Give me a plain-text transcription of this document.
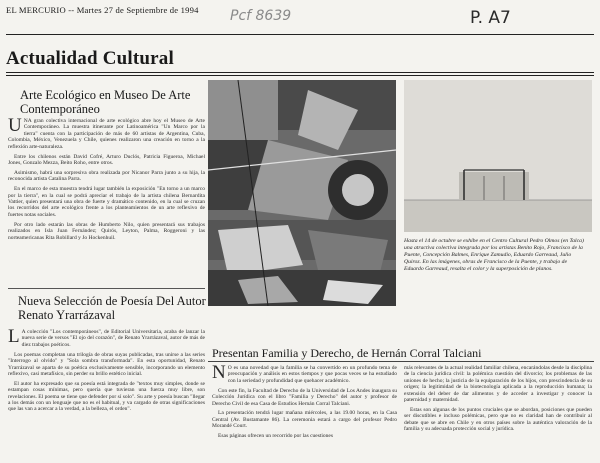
EL MERCURIO -- Martes 27 de Septiembre de 1994 Pcf 8639	P. A7
Actualidad Cultural
Arte Ecológico en Museo De Arte Contemporáneo

UNA gran colectiva internacional de arte ecológico abre hoy el Museo de Arte Contemporáneo. La muestra itinerante por Latinoamérica "Un Marco por la tierra" cuenta con la participación de más de 60 artistas de Argentina, Cuba, Colombia, México, Venezuela y Chile, quienes realizaron una creación en torno a la reflexión arte-naturaleza.

Entre los chilenos están David Cofré, Arturo Duclós, Patricia Figueroa, Michael Jones, Gonzalo Mezza, Beito Roho, entre otros.

Asimismo, habrá una sorpresiva obra realizada por Nicanor Parra junto a su hija, la reconocida artista Catalina Parra.

En el marco de esta muestra tendrá lugar también la exposición "En torno a un marco por la tierra", en la cual se podrá apreciar el trabajo de la artista chilena Bernardita Vattier, quien presentará una obra de fuerte y dramático contenido, en la cual se cruzan los recorridos del arte ecológico frente a los planteamientos de un arte reflexivo de fuertes notas sociales.

Por otro lado estarán las obras de Humberto Nilo, quien presentará sus trabajos realizados en Isla Juan Fernández; Quirós, Leyton, Palma, Roggeroni y las norteamericanas Rita Robillard y Jo Hockenhuil.

Nueva Selección de Poesía Del Autor Renato Yrarrázaval

L A colección "Los contemporáneos", de Editorial Universitaria, acaba de lanzar la nueva serie de versos "El ojo del corazón", de Renato Yrarrázaval, autor de más de diez trabajos poéticos.

Los poemas completan una trilogía de obras suyas publicadas, tras unirse a las series "Interrogo al olvido" y "Sola sombra transformada". En esta oportunidad, Renato Yrarrázaval se aparta de su poética exclusivamente sensible, incorporando un elemento reflexivo, casi metafísico, sin perder su brillo estético inicial.

El autor ha expresado que su poesía está integrada de "textos muy simples, donde se estampan cosas mínimas, pero quería que tuvieran una fuerza muy libre, son revelaciones. El poema se tiene que defender por sí solo". Su arte y poesía buscan "llegar a los demás con un lenguaje que no es el habitual, y va cargado de otras significaciones que las van a acercar a la verdad, a la belleza, el orden".

Hasta el 14 de octubre se exhibe en el Centro Cultural Pedro Olmos (en Talca) una atractiva colectiva integrada por los artistas Benito Rojo, Francisco de la Puente, Concepción Balmes, Enrique Zamudio, Eduardo Garreaud, Julio Quiroz. En las imágenes, obras de Francisco de la Puente, y trabajo de Eduardo Garreaud, resalta el color y la superposición de planos.
Presentan Familia y Derecho, de Hernán Corral Talciani

N O es una novedad que la familia se ha convertido en un profundo tema de preocupación y análisis en estos tiempos y que pocas veces se ha estudiado con la seriedad y profundidad que quehacer académico.

Con este fin, la Facultad de Derecho de la Universidad de Los Andes inaugura su Colección Jurídica con el libro "Familia y Derecho" del autor y profesor de Derecho Civil de esa Casa de Estudios Hernán Corral Talciani.

La presentación tendrá lugar mañana miércoles, a las 19.00 horas, en la Casa Central (Av. Bustamante 86). La ceremonia estará a cargo del profesor Pedro Morandé Court.

Esas páginas ofrecen un recorrido por las cuestiones

más relevantes de la actual realidad familiar chilena, encarándolas desde la disciplina de la ciencia jurídica civil: la polémica cuestión del divorcio; los problemas de las uniones de hecho; la justicia de la equiparación de los hijos, con prescindencia de su origen; la legitimidad de la biotecnología aplicada a la reproducción humana; la extensión del deber de dar alimentos y de acceder a investigar y conocer la paternidad y maternidad.

Estas son algunas de los puntos cruciales que se abordan, posiciones que pueden ser discutibles e incluso polémicas, pero que no es claridad han de contribuir al debate que se abre en Chile y en otros países sobre la auténtica valoración de la familia y su adecuada protección social y jurídica.
